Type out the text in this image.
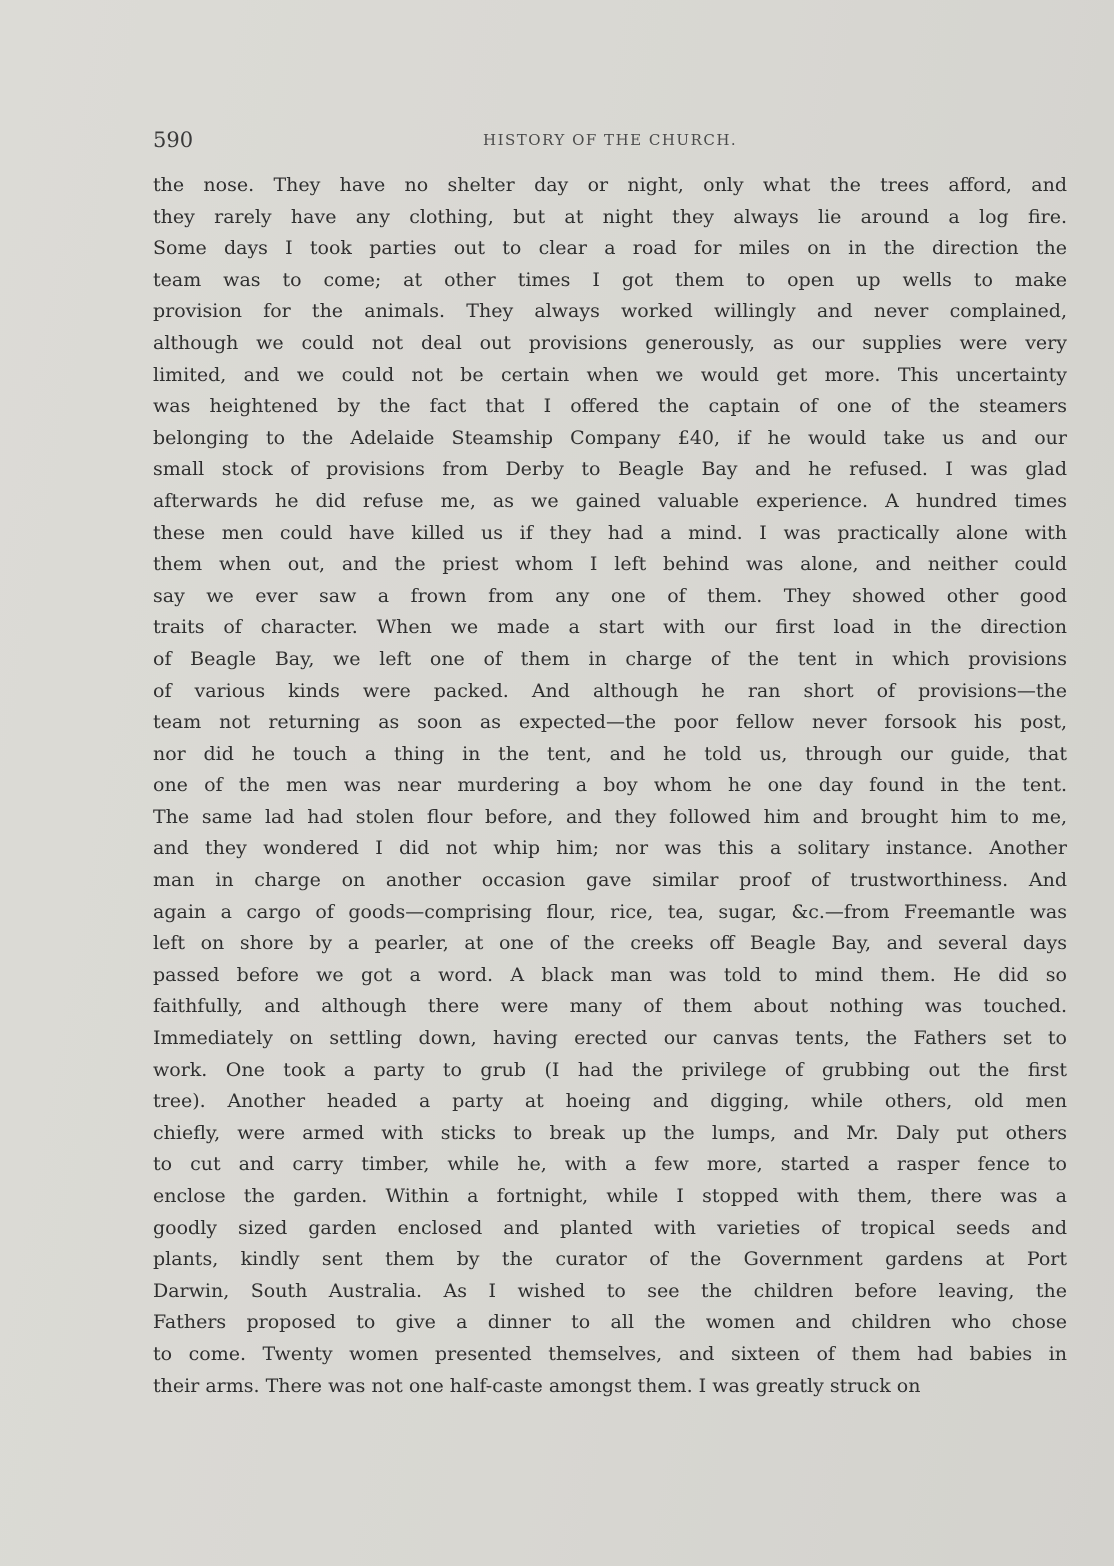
590	HISTORY OF THE CHURCH.
the nose. They have no shelter day or night, only what the trees afford, and
they rarely have any clothing, but at night they always lie around a log fire.
Some days I took parties out to clear a road for miles on in the direction the
team was to come; at other times I got them to open up wells to make
provision for the animals. They always worked willingly and never complained,
although we could not deal out provisions generously, as our supplies were very
limited, and we could not be certain when we would get more. This uncertainty
was heightened by the fact that I offered the captain of one of the steamers
belonging to the Adelaide Steamship Company £40, if he would take us and our
small stock of provisions from Derby to Beagle Bay and he refused. I was glad
afterwards he did refuse me, as we gained valuable experience. A hundred times
these men could have killed us if they had a mind. I was practically alone with
them when out, and the priest whom I left behind was alone, and neither could
say we ever saw a frown from any one of them. They showed other good
traits of character. When we made a start with our first load in the direction
of Beagle Bay, we left one of them in charge of the tent in which provisions
of various kinds were packed. And although he ran short of provisions—the
team not returning as soon as expected—the poor fellow never forsook his post,
nor did he touch a thing in the tent, and he told us, through our guide, that
one of the men was near murdering a boy whom he one day found in the tent.
The same lad had stolen flour before, and they followed him and brought him to me,
and they wondered I did not whip him; nor was this a solitary instance. Another
man in charge on another occasion gave similar proof of trustworthiness. And
again a cargo of goods—comprising flour, rice, tea, sugar, &c.—from Freemantle was
left on shore by a pearler, at one of the creeks off Beagle Bay, and several days
passed before we got a word. A black man was told to mind them. He did so
faithfully, and although there were many of them about nothing was touched.
Immediately on settling down, having erected our canvas tents, the Fathers set to
work. One took a party to grub (I had the privilege of grubbing out the first
tree). Another headed a party at hoeing and digging, while others, old men
chiefly, were armed with sticks to break up the lumps, and Mr. Daly put others
to cut and carry timber, while he, with a few more, started a rasper fence to
enclose the garden. Within a fortnight, while I stopped with them, there was a
goodly sized garden enclosed and planted with varieties of tropical seeds and
plants, kindly sent them by the curator of the Government gardens at Port
Darwin, South Australia. As I wished to see the children before leaving, the
Fathers proposed to give a dinner to all the women and children who chose
to come. Twenty women presented themselves, and sixteen of them had babies in
their arms. There was not one half-caste amongst them. I was greatly struck on
